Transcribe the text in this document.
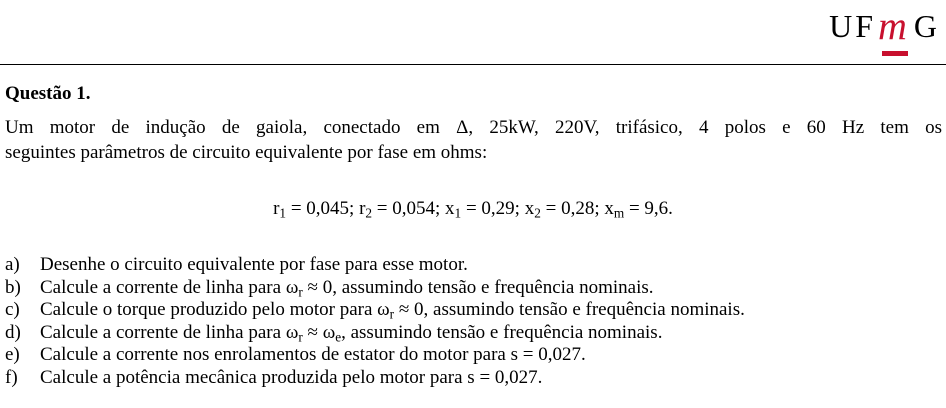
U F m G
Questão 1.
Um motor de indução de gaiola, conectado em Δ, 25kW, 220V, trifásico, 4 polos e 60 Hz tem os
seguintes parâmetros de circuito equivalente por fase em ohms:
$r_1 = 0,045$; $r_2 = 0,054$; $x_1 = 0,29$; $x_2 = 0,28$; $x_m = 9,6$.
a) Desenhe o circuito equivalente por fase para esse motor.
b) Calcule a corrente de linha para $\omega_r \approx 0$, assumindo tensão e frequência nominais.
c) Calcule o torque produzido pelo motor para $\omega_r \approx 0$, assumindo tensão e frequência nominais.
d) Calcule a corrente de linha para $\omega_r \approx \omega_e$, assumindo tensão e frequência nominais.
e) Calcule a corrente nos enrolamentos de estator do motor para s = 0,027.
f) Calcule a potência mecânica produzida pelo motor para s = 0,027.
